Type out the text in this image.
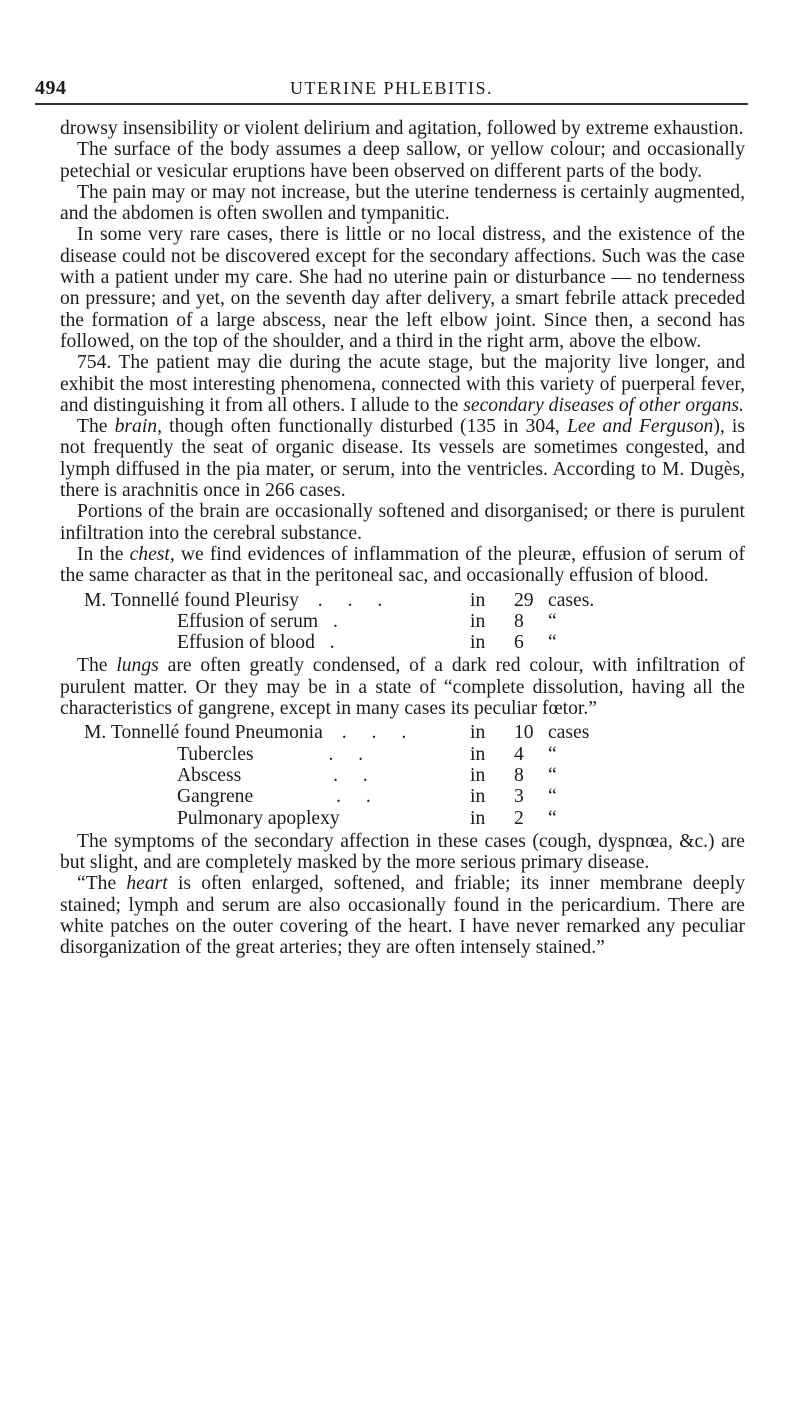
494	UTERINE PHLEBITIS.

drowsy insensibility or violent delirium and agitation, followed by extreme exhaustion.

The surface of the body assumes a deep sallow, or yellow colour; and occasionally petechial or vesicular eruptions have been observed on different parts of the body.

The pain may or may not increase, but the uterine tenderness is certainly augmented, and the abdomen is often swollen and tympanitic.

In some very rare cases, there is little or no local distress, and the existence of the disease could not be discovered except for the secondary affections. Such was the case with a patient under my care. She had no uterine pain or disturbance — no tenderness on pressure; and yet, on the seventh day after delivery, a smart febrile attack preceded the formation of a large abscess, near the left elbow joint. Since then, a second has followed, on the top of the shoulder, and a third in the right arm, above the elbow.

754. The patient may die during the acute stage, but the majority live longer, and exhibit the most interesting phenomena, connected with this variety of puerperal fever, and distinguishing it from all others. I allude to the secondary diseases of other organs.

The brain, though often functionally disturbed (135 in 304, Lee and Ferguson), is not frequently the seat of organic disease. Its vessels are sometimes congested, and lymph diffused in the pia mater, or serum, into the ventricles. According to M. Dugès, there is arachnitis once in 266 cases.

Portions of the brain are occasionally softened and disorganised; or there is purulent infiltration into the cerebral substance.

In the chest, we find evidences of inflammation of the pleuræ, effusion of serum of the same character as that in the peritoneal sac, and occasionally effusion of blood.

M. Tonnellé found Pleurisy . . .	in	29 cases.
Effusion of serum .	in	8	“
Effusion of blood .	in	6	“

The lungs are often greatly condensed, of a dark red colour, with infiltration of purulent matter. Or they may be in a state of “complete dissolution, having all the characteristics of gangrene, except in many cases its peculiar fœtor.”

M. Tonnellé found Pneumonia . . .	in	10 cases
Tubercles	. .	in	4	“
Abscess	. .	in	8	“
Gangrene	. .	in	3	“
Pulmonary apoplexy	in	2	“

The symptoms of the secondary affection in these cases (cough, dyspnœa, &c.) are but slight, and are completely masked by the more serious primary disease.

“The heart is often enlarged, softened, and friable; its inner membrane deeply stained; lymph and serum are also occasionally found in the pericardium. There are white patches on the outer covering of the heart. I have never remarked any peculiar disorganization of the great arteries; they are often intensely stained.”
